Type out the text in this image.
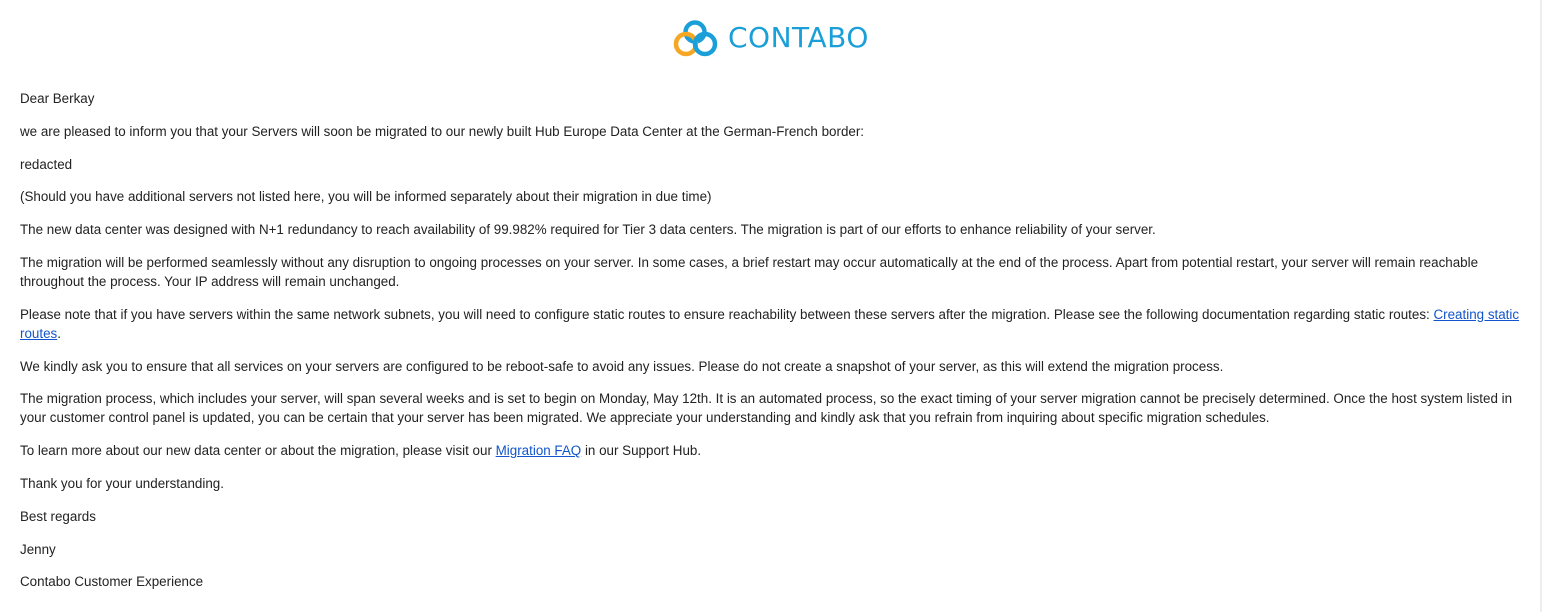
CONTABO

Dear Berkay

we are pleased to inform you that your Servers will soon be migrated to our newly built Hub Europe Data Center at the German-French border:

redacted

(Should you have additional servers not listed here, you will be informed separately about their migration in due time)

The new data center was designed with N+1 redundancy to reach availability of 99.982% required for Tier 3 data centers. The migration is part of our efforts to enhance reliability of your server.

The migration will be performed seamlessly without any disruption to ongoing processes on your server. In some cases, a brief restart may occur automatically at the end of the process. Apart from potential restart, your server will remain reachable throughout the process. Your IP address will remain unchanged.

Please note that if you have servers within the same network subnets, you will need to configure static routes to ensure reachability between these servers after the migration. Please see the following documentation regarding static routes: Creating static routes.

We kindly ask you to ensure that all services on your servers are configured to be reboot-safe to avoid any issues. Please do not create a snapshot of your server, as this will extend the migration process.

The migration process, which includes your server, will span several weeks and is set to begin on Monday, May 12th. It is an automated process, so the exact timing of your server migration cannot be precisely determined. Once the host system listed in your customer control panel is updated, you can be certain that your server has been migrated. We appreciate your understanding and kindly ask that you refrain from inquiring about specific migration schedules.

To learn more about our new data center or about the migration, please visit our Migration FAQ in our Support Hub.

Thank you for your understanding.

Best regards

Jenny

Contabo Customer Experience
